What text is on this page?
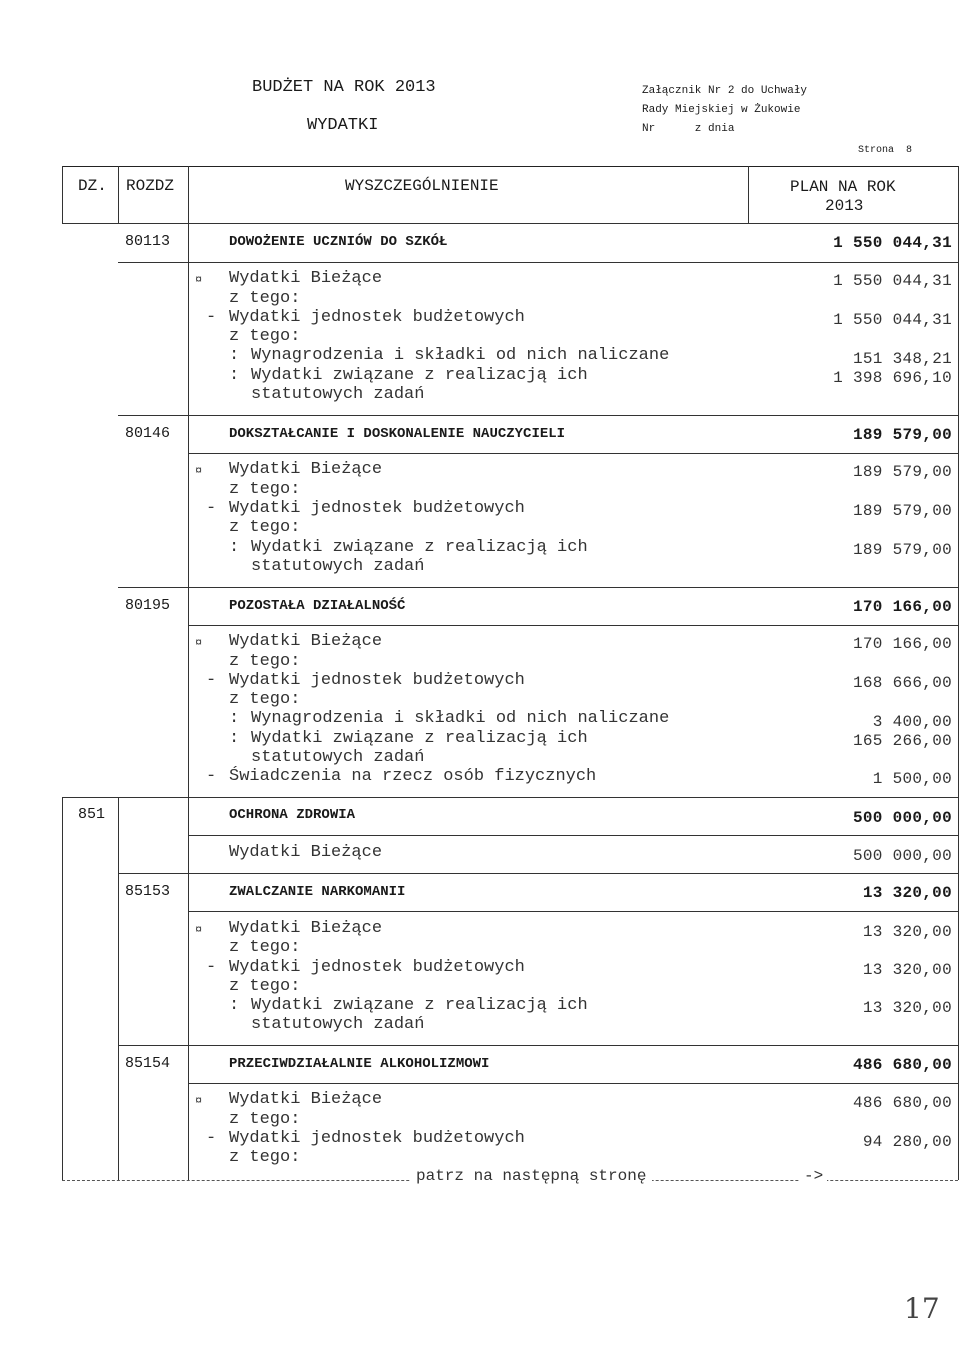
BUDŻET NA ROK 2013
WYDATKI
Załącznik Nr 2 do Uchwały
Rady Miejskiej w Żukowie
Nr      z dnia
Strona  8
DZ. ROZDZ	WYSZCZEGÓLNIENIE	PLAN NA ROK
2013
80113	DOWOŻENIE UCZNIÓW DO SZKÓŁ	1 550 044,31
¤ Wydatki Bieżące	1 550 044,31
z tego:
- Wydatki jednostek budżetowych	1 550 044,31
z tego:
: Wynagrodzenia i składki od nich naliczane	151 348,21
: Wydatki związane z realizacją ich	1 398 696,10
statutowych zadań
80146	DOKSZTAŁCANIE I DOSKONALENIE NAUCZYCIELI	189 579,00
¤ Wydatki Bieżące	189 579,00
z tego:
- Wydatki jednostek budżetowych	189 579,00
z tego:
: Wydatki związane z realizacją ich	189 579,00
statutowych zadań
80195	POZOSTAŁA DZIAŁALNOŚĆ	170 166,00
¤ Wydatki Bieżące	170 166,00
z tego:
- Wydatki jednostek budżetowych	168 666,00
z tego:
: Wynagrodzenia i składki od nich naliczane	3 400,00
: Wydatki związane z realizacją ich	165 266,00
statutowych zadań
- Świadczenia na rzecz osób fizycznych	1 500,00
851	OCHRONA ZDROWIA	500 000,00
Wydatki Bieżące	500 000,00
85153	ZWALCZANIE NARKOMANII	13 320,00
¤ Wydatki Bieżące	13 320,00
z tego:
- Wydatki jednostek budżetowych	13 320,00
z tego:
: Wydatki związane z realizacją ich	13 320,00
statutowych zadań
85154	PRZECIWDZIAŁALNIE ALKOHOLIZMOWI	486 680,00
¤ Wydatki Bieżące	486 680,00
z tego:
- Wydatki jednostek budżetowych	94 280,00
z tego:
patrz na następną stronę	->
17
